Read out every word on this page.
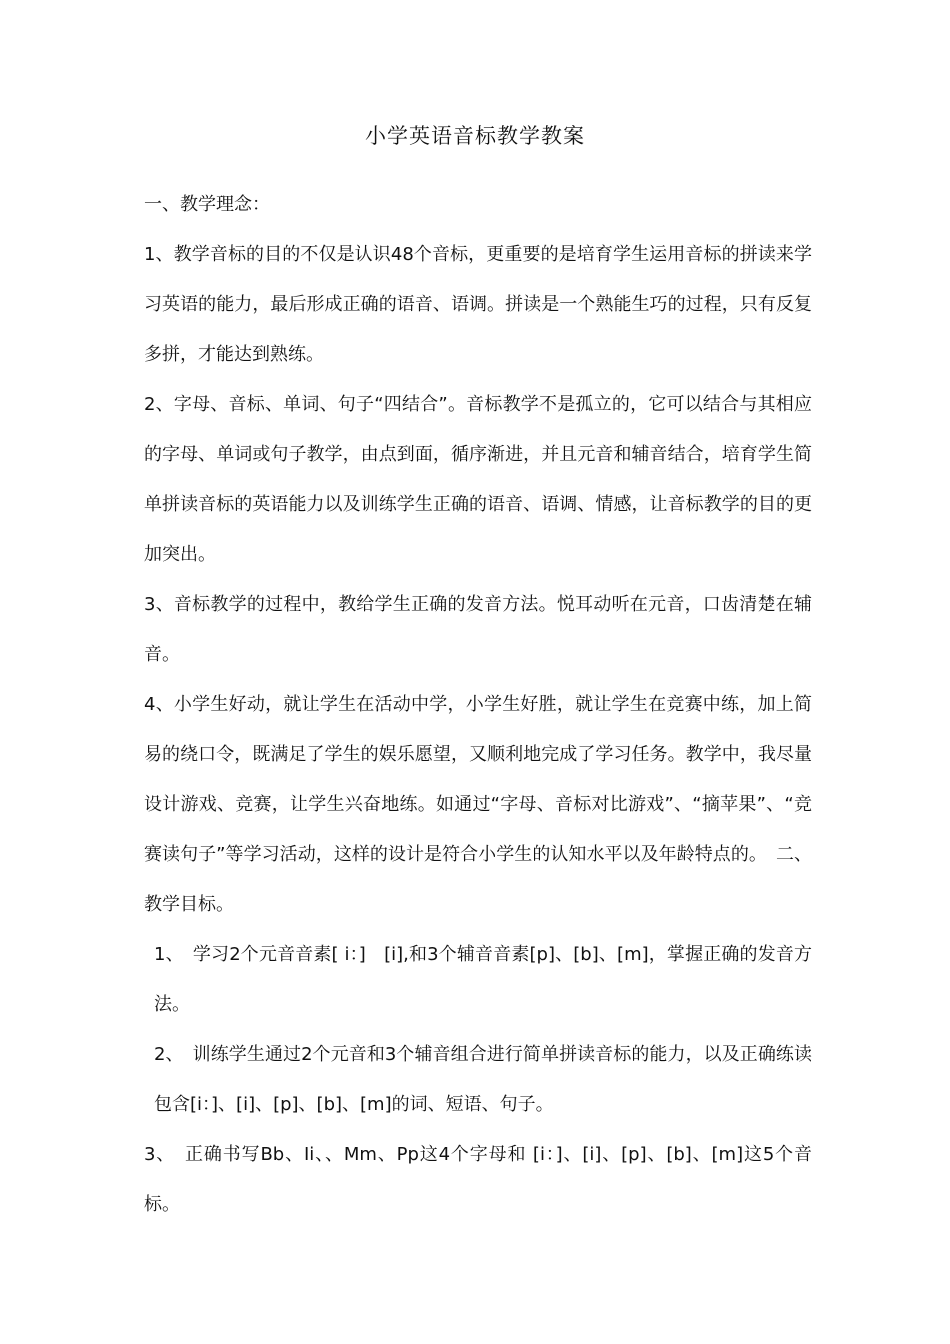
小学英语音标教学教案

一、教学理念：

1、教学音标的目的不仅是认识48个音标，更重要的是培育学生运用音标的拼读来学习英语的能力，最后形成正确的语音、语调。拼读是一个熟能生巧的过程，只有反复多拼，才能达到熟练。

2、字母、音标、单词、句子“四结合”。音标教学不是孤立的，它可以结合与其相应的字母、单词或句子教学，由点到面，循序渐进，并且元音和辅音结合，培育学生简单拼读音标的英语能力以及训练学生正确的语音、语调、情感，让音标教学的目的更加突出。

3、音标教学的过程中，教给学生正确的发音方法。悦耳动听在元音，口齿清楚在辅音。

4、小学生好动，就让学生在活动中学，小学生好胜，就让学生在竞赛中练，加上简易的绕口令，既满足了学生的娱乐愿望，又顺利地完成了学习任务。教学中，我尽量设计游戏、竞赛，让学生兴奋地练。如通过“字母、音标对比游戏”、“摘苹果”、“竞赛读句子”等学习活动，这样的设计是符合小学生的认知水平以及年龄特点的。　二、教学目标。

1、　学习2个元音音素[ i：]　[i],和3个辅音音素[p]、[b]、[m]，掌握正确的发音方法。

2、　训练学生通过2个元音和3个辅音组合进行简单拼读音标的能力，以及正确练读包含[i：]、[i]、[p]、[b]、[m]的词、短语、句子。

3、　正确书写Bb、Ii、、Mm、Pp这4个字母和 [i：]、[i]、[p]、[b]、[m]这5个音标。
